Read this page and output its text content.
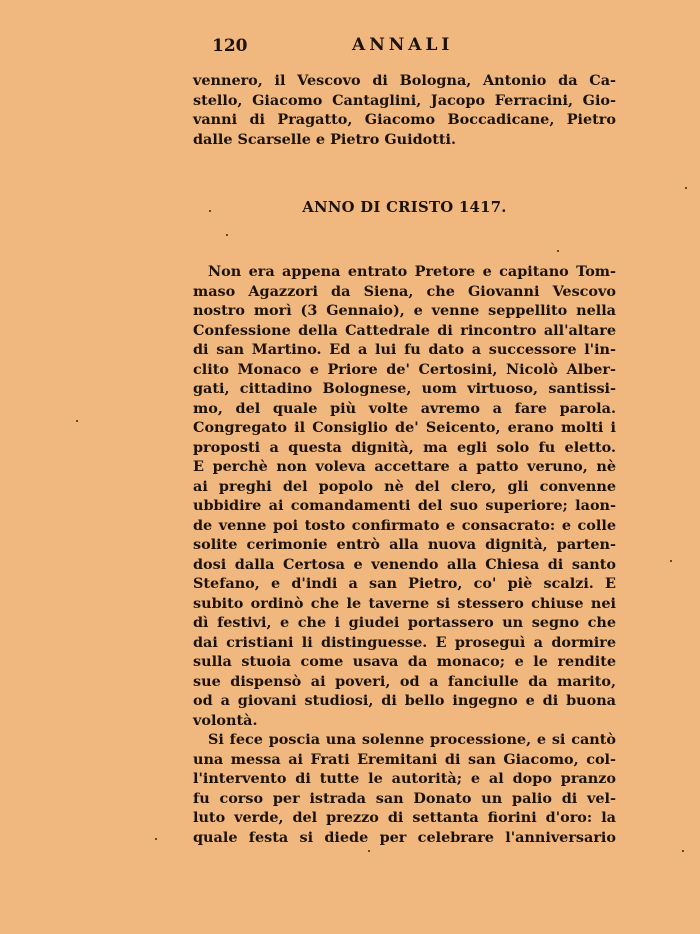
120	ANNALI
vennero, il Vescovo di Bologna, Antonio da Ca-
stello, Giacomo Cantaglini, Jacopo Ferracini, Gio-
vanni di Pragatto, Giacomo Boccadicane, Pietro
dalle Scarselle e Pietro Guidotti.
ANNO DI CRISTO 1417.
Non era appena entrato Pretore e capitano Tom-
maso Agazzori da Siena, che Giovanni Vescovo
nostro morì (3 Gennaio), e venne seppellito nella
Confessione della Cattedrale di rincontro all'altare
di san Martino. Ed a lui fu dato a successore l'in-
clito Monaco e Priore de' Certosini, Nicolò Alber-
gati, cittadino Bolognese, uom virtuoso, santissi-
mo, del quale più volte avremo a fare parola.
Congregato il Consiglio de' Seicento, erano molti i
proposti a questa dignità, ma egli solo fu eletto.
E perchè non voleva accettare a patto veruno, nè
ai preghi del popolo nè del clero, gli convenne
ubbidire ai comandamenti del suo superiore; laon-
de venne poi tosto confirmato e consacrato: e colle
solite cerimonie entrò alla nuova dignità, parten-
dosi dalla Certosa e venendo alla Chiesa di santo
Stefano, e d'indi a san Pietro, co' piè scalzi. E
subito ordinò che le taverne si stessero chiuse nei
dì festivi, e che i giudei portassero un segno che
dai cristiani li distinguesse. E proseguì a dormire
sulla stuoia come usava da monaco; e le rendite
sue dispensò ai poveri, od a fanciulle da marito,
od a giovani studiosi, di bello ingegno e di buona
volontà.
Si fece poscia una solenne processione, e si cantò
una messa ai Frati Eremitani di san Giacomo, col-
l'intervento di tutte le autorità; e al dopo pranzo
fu corso per istrada san Donato un palio di vel-
luto verde, del prezzo di settanta fiorini d'oro: la
quale festa si diede per celebrare l'anniversario
